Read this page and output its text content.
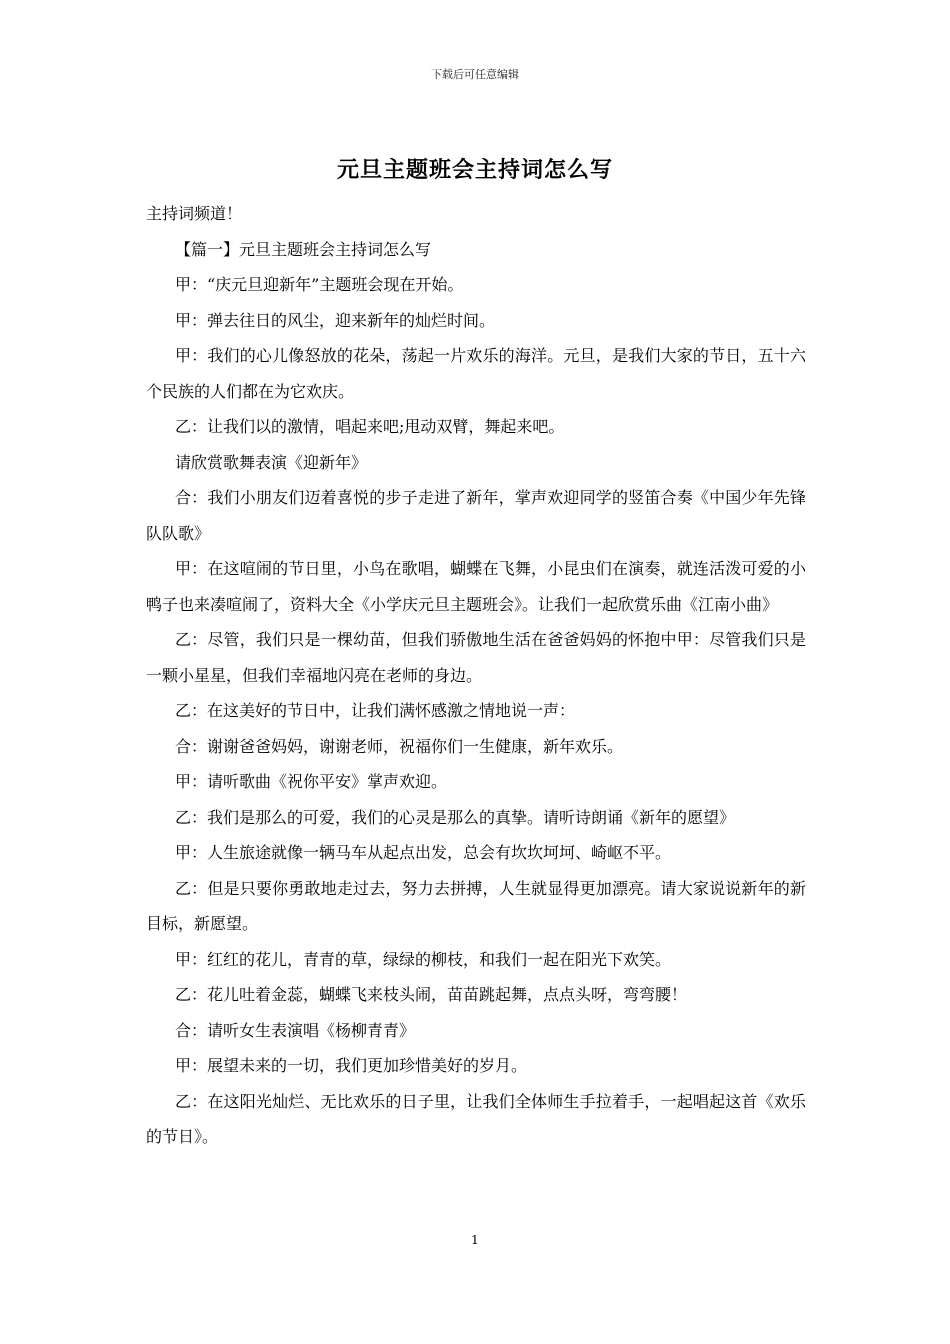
下载后可任意编辑
元旦主题班会主持词怎么写

主持词频道！

【篇一】元旦主题班会主持词怎么写

甲：“庆元旦迎新年”主题班会现在开始。

甲：弹去往日的风尘，迎来新年的灿烂时间。

甲：我们的心儿像怒放的花朵，荡起一片欢乐的海洋。元旦，是我们大家的节日，五十六个民族的人们都在为它欢庆。

乙：让我们以的激情，唱起来吧;甩动双臂，舞起来吧。

请欣赏歌舞表演《迎新年》

合：我们小朋友们迈着喜悦的步子走进了新年，掌声欢迎同学的竖笛合奏《中国少年先锋队队歌》

甲：在这喧闹的节日里，小鸟在歌唱，蝴蝶在飞舞，小昆虫们在演奏，就连活泼可爱的小鸭子也来凑喧闹了，资料大全《小学庆元旦主题班会》。让我们一起欣赏乐曲《江南小曲》

乙：尽管，我们只是一棵幼苗，但我们骄傲地生活在爸爸妈妈的怀抱中甲：尽管我们只是一颗小星星，但我们幸福地闪亮在老师的身边。

乙：在这美好的节日中，让我们满怀感激之情地说一声：

合：谢谢爸爸妈妈，谢谢老师，祝福你们一生健康，新年欢乐。

甲：请听歌曲《祝你平安》掌声欢迎。

乙：我们是那么的可爱，我们的心灵是那么的真挚。请听诗朗诵《新年的愿望》

甲：人生旅途就像一辆马车从起点出发，总会有坎坎坷坷、崎岖不平。

乙：但是只要你勇敢地走过去，努力去拼搏，人生就显得更加漂亮。请大家说说新年的新目标，新愿望。

甲：红红的花儿，青青的草，绿绿的柳枝，和我们一起在阳光下欢笑。

乙：花儿吐着金蕊，蝴蝶飞来枝头闹，苗苗跳起舞，点点头呀，弯弯腰！

合：请听女生表演唱《杨柳青青》

甲：展望未来的一切，我们更加珍惜美好的岁月。

乙：在这阳光灿烂、无比欢乐的日子里，让我们全体师生手拉着手，一起唱起这首《欢乐的节日》。

1
